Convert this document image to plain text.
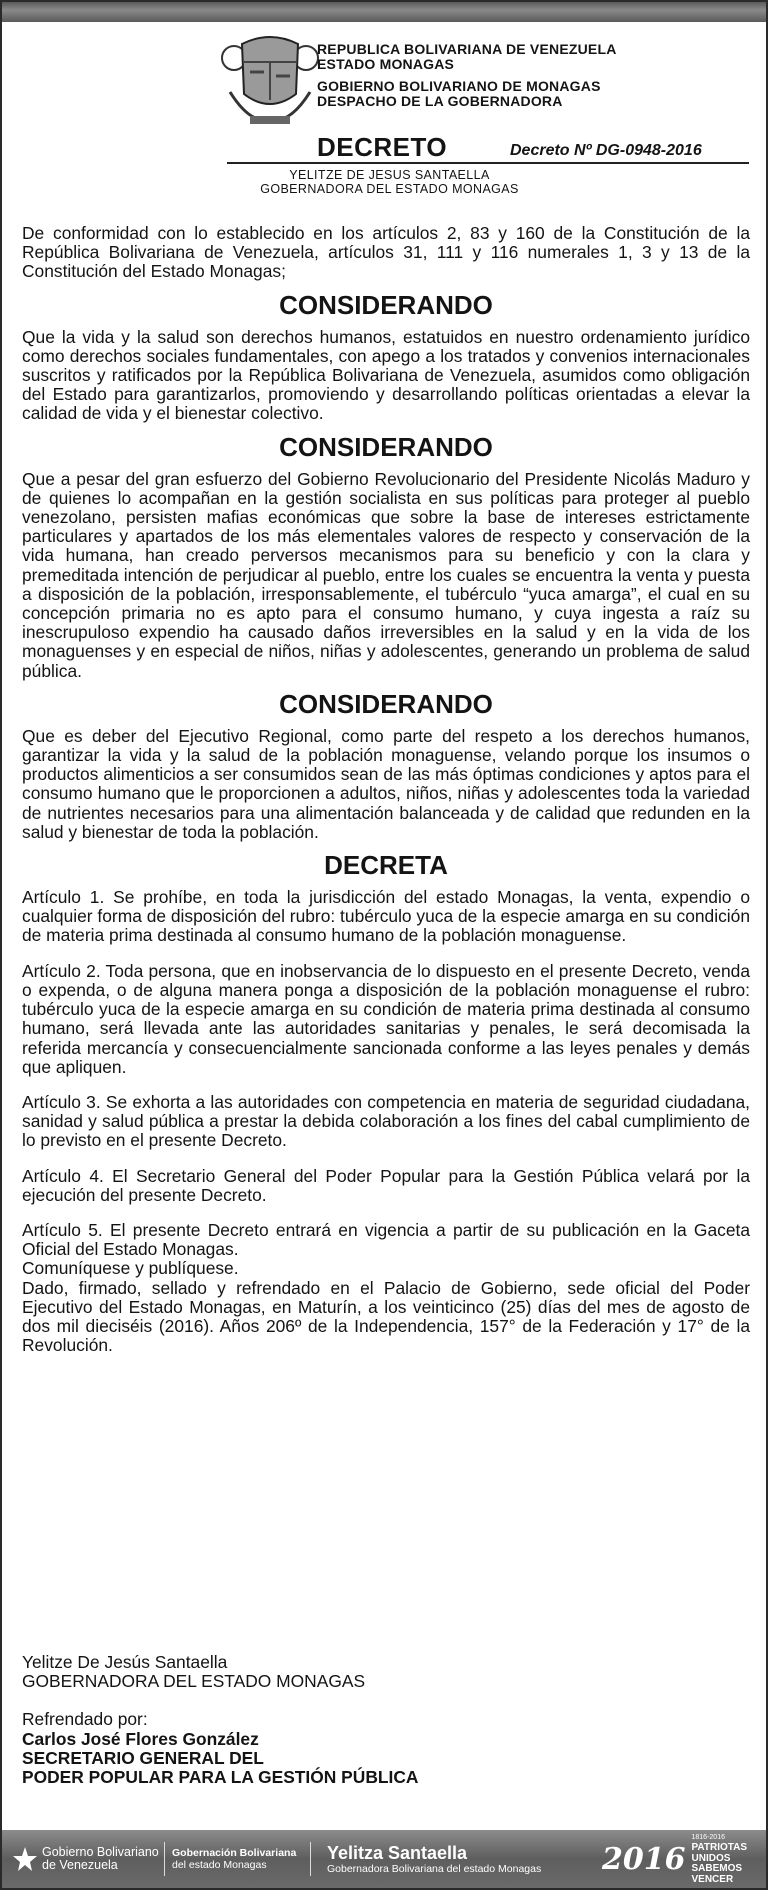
REPUBLICA BOLIVARIANA DE VENEZUELA
ESTADO MONAGAS
GOBIERNO BOLIVARIANO DE MONAGAS
DESPACHO DE LA GOBERNADORA
DECRETO	Decreto Nº DG-0948-2016
YELITZE DE JESUS SANTAELLA
GOBERNADORA DEL ESTADO MONAGAS

De conformidad con lo establecido en los artículos 2, 83 y 160 de la Constitución de la República Bolivariana de Venezuela, artículos 31, 111 y 116 numerales 1, 3 y 13 de la Constitución del Estado Monagas;

CONSIDERANDO

Que la vida y la salud son derechos humanos, estatuidos en nuestro ordenamiento jurídico como derechos sociales fundamentales, con apego a los tratados y convenios internacionales suscritos y ratificados por la República Bolivariana de Venezuela, asumidos como obligación del Estado para garantizarlos, promoviendo y desarrollando políticas orientadas a elevar la calidad de vida y el bienestar colectivo.

CONSIDERANDO

Que a pesar del gran esfuerzo del Gobierno Revolucionario del Presidente Nicolás Maduro y de quienes lo acompañan en la gestión socialista en sus políticas para proteger al pueblo venezolano, persisten mafias económicas que sobre la base de intereses estrictamente particulares y apartados de los más elementales valores de respecto y conservación de la vida humana, han creado perversos mecanismos para su beneficio y con la clara y premeditada intención de perjudicar al pueblo, entre los cuales se encuentra la venta y puesta a disposición de la población, irresponsablemente, el tubérculo “yuca amarga”, el cual en su concepción primaria no es apto para el consumo humano, y cuya ingesta a raíz su inescrupuloso expendio ha causado daños irreversibles en la salud y en la vida de los monaguenses y en especial de niños, niñas y adolescentes, generando un problema de salud pública.

CONSIDERANDO

Que es deber del Ejecutivo Regional, como parte del respeto a los derechos humanos, garantizar la vida y la salud de la población monaguense, velando porque los insumos o productos alimenticios a ser consumidos sean de las más óptimas condiciones y aptos para el consumo humano que le proporcionen a adultos, niños, niñas y adolescentes toda la variedad de nutrientes necesarios para una alimentación balanceada y de calidad que redunden en la salud y bienestar de toda la población.

DECRETA

Artículo 1. Se prohíbe, en toda la jurisdicción del estado Monagas, la venta, expendio o cualquier forma de disposición del rubro: tubérculo yuca de la especie amarga en su condición de materia prima destinada al consumo humano de la población monaguense.

Artículo 2. Toda persona, que en inobservancia de lo dispuesto en el presente Decreto, venda o expenda, o de alguna manera ponga a disposición de la población monaguense el rubro: tubérculo yuca de la especie amarga en su condición de materia prima destinada al consumo humano, será llevada ante las autoridades sanitarias y penales, le será decomisada la referida mercancía y consecuencialmente sancionada conforme a las leyes penales y demás que apliquen.

Artículo 3. Se exhorta a las autoridades con competencia en materia de seguridad ciudadana, sanidad y salud pública a prestar la debida colaboración a los fines del cabal cumplimiento de lo previsto en el presente Decreto.

Artículo 4. El Secretario General del Poder Popular para la Gestión Pública velará por la ejecución del presente Decreto.

Artículo 5. El presente Decreto entrará en vigencia a partir de su publicación en la Gaceta Oficial del Estado Monagas.

Comuníquese y publíquese.

Dado, firmado, sellado y refrendado en el Palacio de Gobierno, sede oficial del Poder Ejecutivo del Estado Monagas, en Maturín, a los veinticinco (25) días del mes de agosto de dos mil dieciséis (2016). Años 206º de la Independencia, 157° de la Federación y 17° de la Revolución.

Yelitze De Jesús Santaella

GOBERNADORA DEL ESTADO MONAGAS

Refrendado por:

Carlos José Flores González

SECRETARIO GENERAL DEL

PODER POPULAR PARA LA GESTIÓN PÚBLICA

Gobierno Bolivariano
de Venezuela
Gobernación Bolivariana
del estado Monagas
Yelitza Santaella
Gobernadora Bolivariana del estado Monagas 2016
1816-2016
PATRIOTAS UNIDOS
SABEMOS VENCER
